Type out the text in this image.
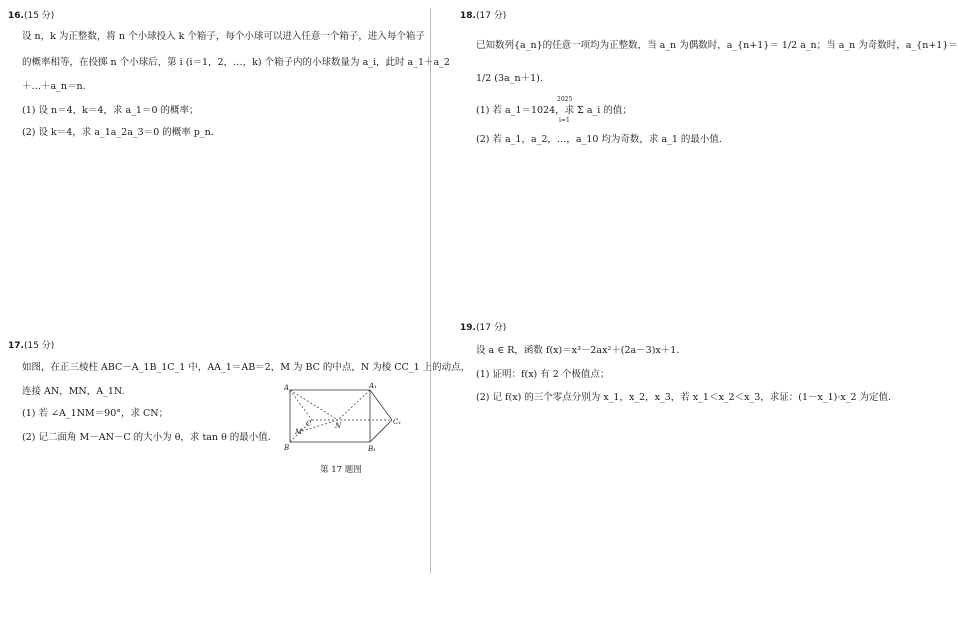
16.(15 分)
设 n，k 为正整数，将 n 个小球投入 k 个箱子，每个小球可以进入任意一个箱子，进入每个箱子
的概率相等，在投掷 n 个小球后，第 i (i＝1，2，…，k) 个箱子内的小球数量为 a_i，此时 a_1＋a_2
＋…＋a_n＝n.
(1) 设 n＝4，k＝4，求 a_1＝0 的概率；
(2) 设 k＝4，求 a_1a_2a_3＝0 的概率 p_n.
17.(15 分)
如图，在正三棱柱 ABC－A_1B_1C_1 中，AA_1＝AB＝2，M 为 BC 的中点，N 为棱 CC_1 上的动点，
连接 AN，MN，A_1N.
(1) 若 ∠A_1NM＝90°，求 CN；
(2) 记二面角 M－AN－C 的大小为 θ，求 tan θ 的最小值.
A	A₁
B	B₁
C	C₁
M
N
第 17 题图
18.(17 分)
已知数列{a_n}的任意一项均为正整数，当 a_n 为偶数时，a_{n+1}＝ 1/2 a_n；当 a_n 为奇数时，a_{n+1}＝
1/2 (3a_n＋1).
(1) 若 a_1＝1024，求 Σ a_i 的值；
2025
i=1
(2) 若 a_1，a_2，…，a_10 均为奇数，求 a_1 的最小值.
19.(17 分)
设 a ∈ R，函数 f(x)＝x³－2ax²＋(2a－3)x＋1.
(1) 证明：f(x) 有 2 个极值点；
(2) 记 f(x) 的三个零点分别为 x_1，x_2，x_3，若 x_1＜x_2＜x_3，求证：(1－x_1)·x_2 为定值.
